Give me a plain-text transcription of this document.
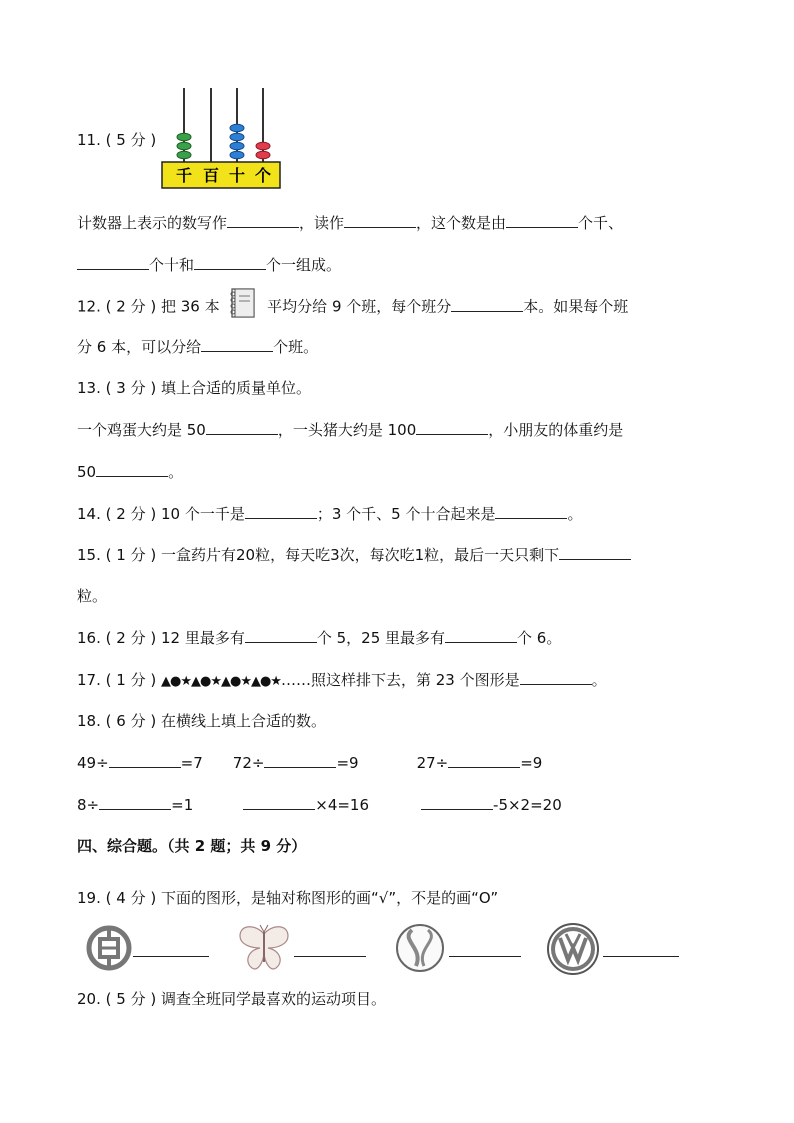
11. ( 5 分 )
千 百 十 个
计数器上表示的数写作	，读作	，这个数是由	个千、
个十和	个一组成。
12. ( 2 分 ) 把 36 本	平均分给 9 个班，每个班分	本。如果每个班
分 6 本，可以分给	个班。
13. ( 3 分 ) 填上合适的质量单位。
一个鸡蛋大约是 50	，一头猪大约是 100	，小朋友的体重约是
50	。
14. ( 2 分 ) 10 个一千是	；3 个千、5 个十合起来是	。
15. ( 1 分 ) 一盒药片有20粒，每天吃3次，每次吃1粒，最后一天只剩下
粒。
16. ( 2 分 ) 12 里最多有	个 5，25 里最多有	个 6。
17. ( 1 分 ) ▲●★▲●★▲●★▲●★……照这样排下去，第 23 个图形是	。
18. ( 6 分 ) 在横线上填上合适的数。
49÷	=7 72÷	=9	27÷	=9
8÷	=1	×4=16	-5×2=20
四、综合题。（共 2 题；共 9 分）
19. ( 4 分 ) 下面的图形，是轴对称图形的画“√”，不是的画“O”
20. ( 5 分 ) 调查全班同学最喜欢的运动项目。
